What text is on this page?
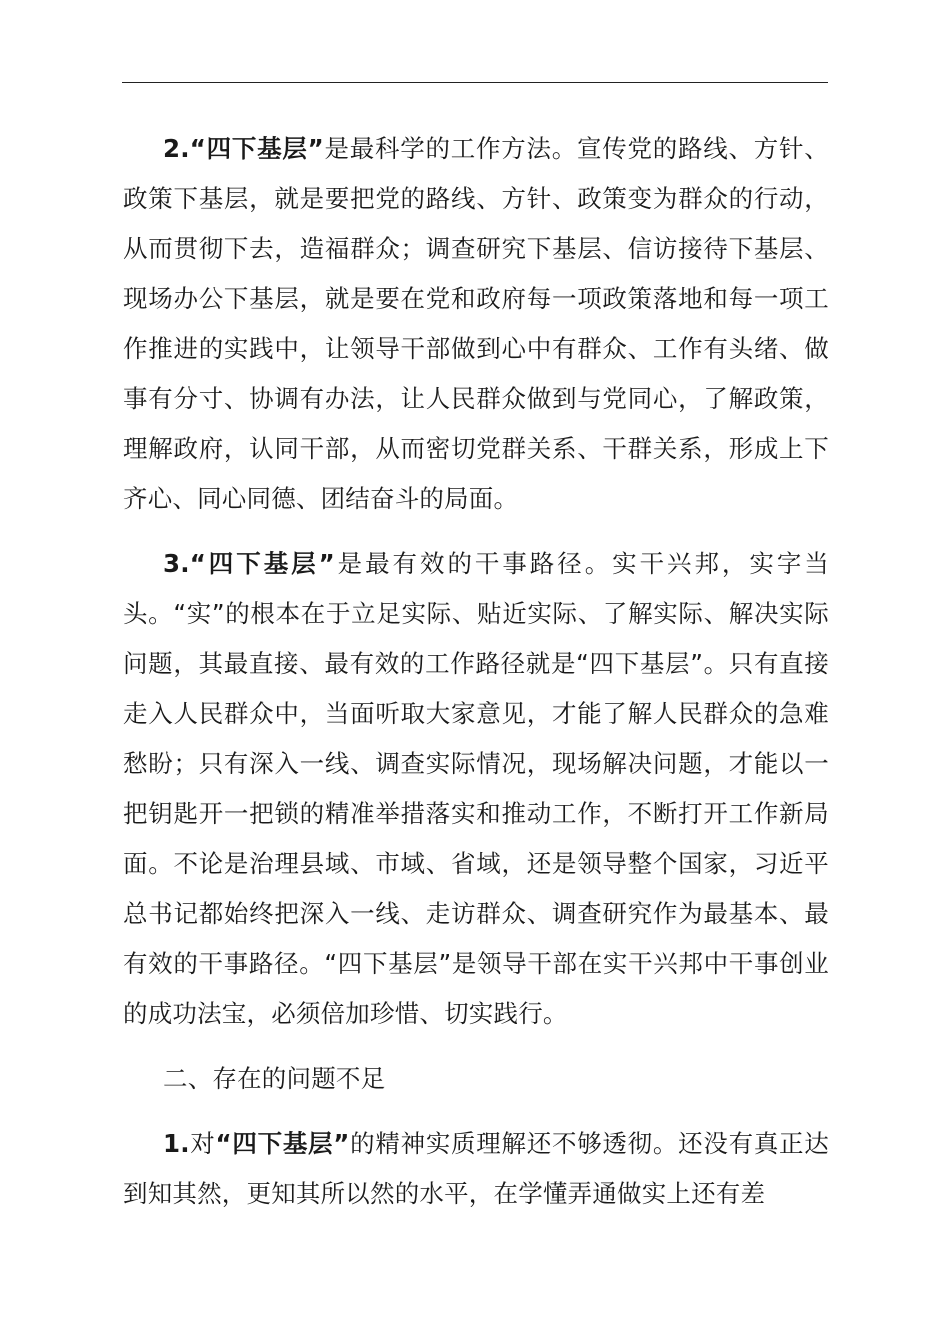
2.“四下基层”是最科学的工作方法。宣传党的路线、方针、政策下基层，就是要把党的路线、方针、政策变为群众的行动，从而贯彻下去，造福群众；调查研究下基层、信访接待下基层、现场办公下基层，就是要在党和政府每一项政策落地和每一项工作推进的实践中，让领导干部做到心中有群众、工作有头绪、做事有分寸、协调有办法，让人民群众做到与党同心，了解政策，理解政府，认同干部，从而密切党群关系、干群关系，形成上下齐心、同心同德、团结奋斗的局面。

3.“四下基层”是最有效的干事路径。实干兴邦，实字当头。“实”的根本在于立足实际、贴近实际、了解实际、解决实际问题，其最直接、最有效的工作路径就是“四下基层”。只有直接走入人民群众中，当面听取大家意见，才能了解人民群众的急难愁盼；只有深入一线、调查实际情况，现场解决问题，才能以一把钥匙开一把锁的精准举措落实和推动工作，不断打开工作新局面。不论是治理县域、市域、省域，还是领导整个国家，习近平总书记都始终把深入一线、走访群众、调查研究作为最基本、最有效的干事路径。“四下基层”是领导干部在实干兴邦中干事创业的成功法宝，必须倍加珍惜、切实践行。

二、存在的问题不足

1.对“四下基层”的精神实质理解还不够透彻。还没有真正达到知其然，更知其所以然的水平，在学懂弄通做实上还有差
